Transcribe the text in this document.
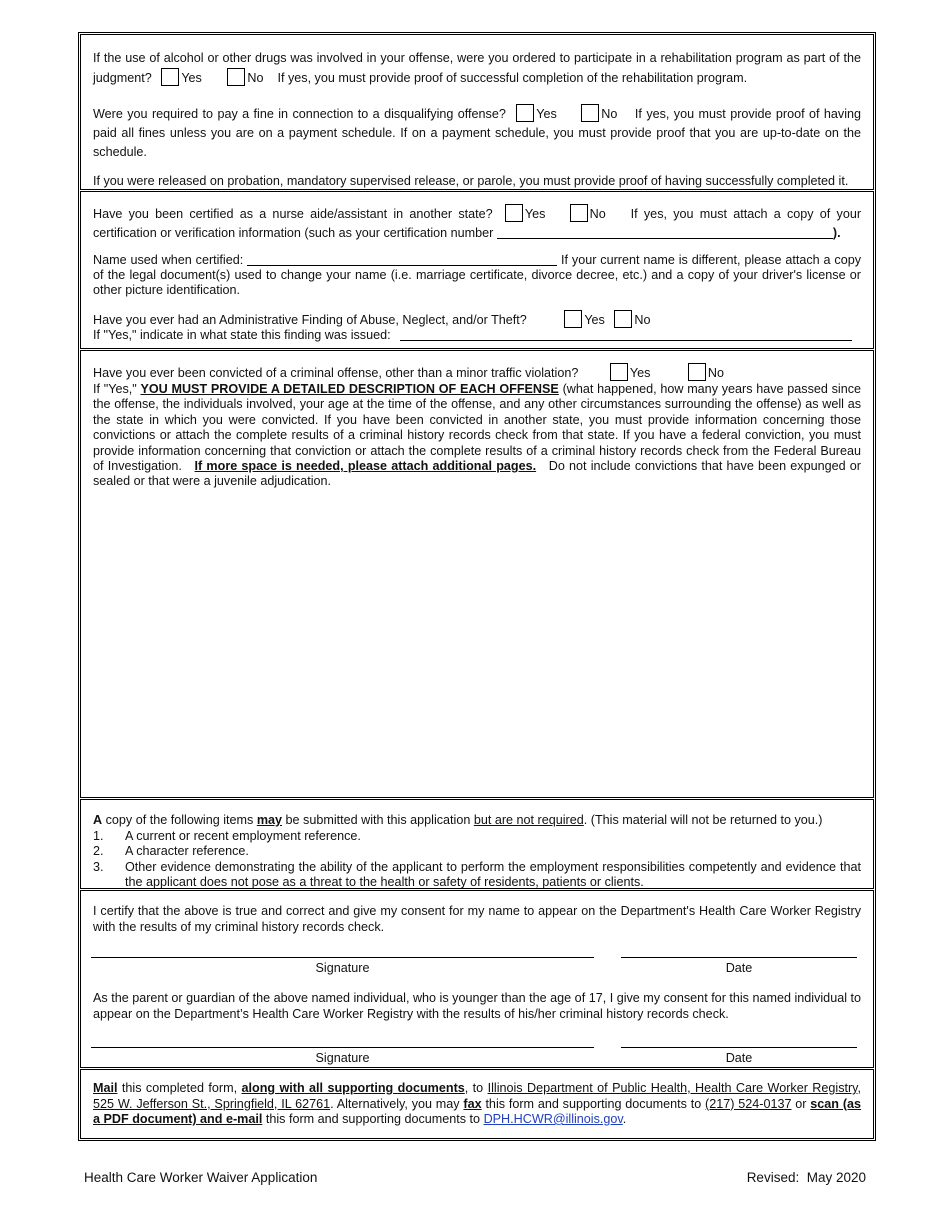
If the use of alcohol or other drugs was involved in your offense, were you ordered to participate in a rehabilitation program as part of the judgment? Yes	No If yes, you must provide proof of successful completion of the rehabilitation program.
Were you required to pay a fine in connection to a disqualifying offense? Yes	No If yes, you must provide proof of having paid all fines unless you are on a payment schedule. If on a payment schedule, you must provide proof that you are up-to-date on the schedule.
If you were released on probation, mandatory supervised release, or parole, you must provide proof of having successfully completed it.
Have you been certified as a nurse aide/assistant in another state?	Yes	No If yes, you must attach a copy of your certification or verification information (such as your certification number	).
Name used when certified:	If your current name is different, please attach a copy of the legal document(s) used to change your name (i.e. marriage certificate, divorce decree, etc.) and a copy of your driver's license or other picture identification.
Have you ever had an Administrative Finding of Abuse, Neglect, and/or Theft?	Yes No
If "Yes," indicate in what state this finding was issued:
Have you ever been convicted of a criminal offense, other than a minor traffic violation?	Yes	No
If "Yes," YOU MUST PROVIDE A DETAILED DESCRIPTION OF EACH OFFENSE (what happened, how many years have passed since the offense, the individuals involved, your age at the time of the offense, and any other circumstances surrounding the offense) as well as the state in which you were convicted. If you have been convicted in another state, you must provide information concerning those convictions or attach the complete results of a criminal history records check from that state. If you have a federal conviction, you must provide information concerning that conviction or attach the complete results of a criminal history records check from the Federal Bureau of Investigation. If more space is needed, please attach additional pages. Do not include convictions that have been expunged or sealed or that were a juvenile adjudication.
A copy of the following items may be submitted with this application but are not required. (This material will not be returned to you.)
1. A current or recent employment reference.
2. A character reference.
3. Other evidence demonstrating the ability of the applicant to perform the employment responsibilities competently and evidence that the applicant does not pose as a threat to the health or safety of residents, patients or clients.
I certify that the above is true and correct and give my consent for my name to appear on the Department's Health Care Worker Registry with the results of my criminal history records check.
Signature	Date
As the parent or guardian of the above named individual, who is younger than the age of 17, I give my consent for this named individual to appear on the Department’s Health Care Worker Registry with the results of his/her criminal history records check.
Signature	Date
Mail this completed form, along with all supporting documents, to Illinois Department of Public Health, Health Care Worker Registry, 525 W. Jefferson St., Springfield, IL 62761. Alternatively, you may fax this form and supporting documents to (217) 524-0137 or scan (as a PDF document) and e-mail this form and supporting documents to DPH.HCWR@illinois.gov.
Health Care Worker Waiver Application	Revised:  May 2020
